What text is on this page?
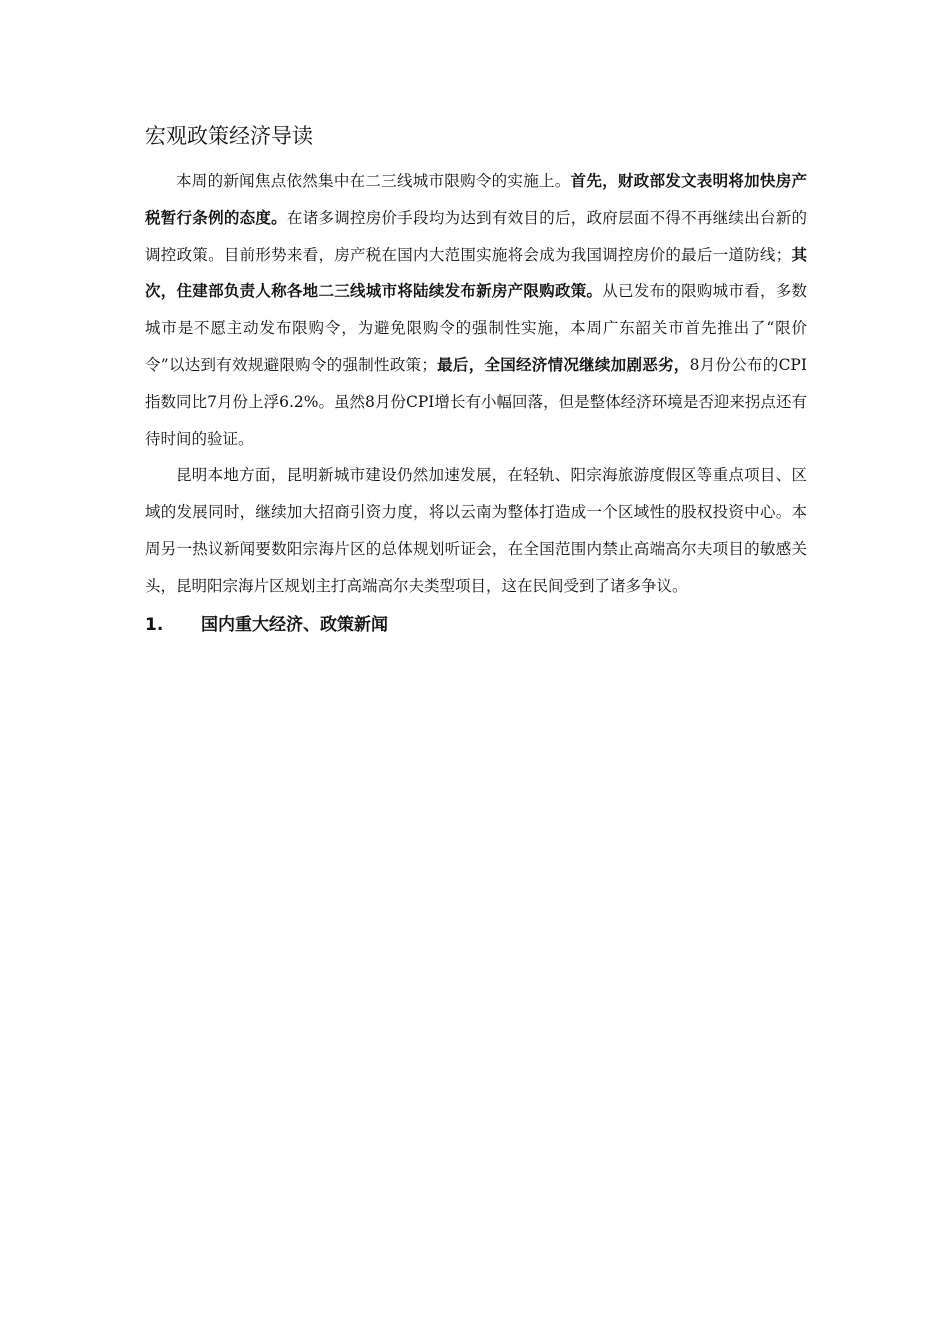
宏观政策经济导读

本周的新闻焦点依然集中在二三线城市限购令的实施上。首先，财政部发文表明将加快房产税暂行条例的态度。在诸多调控房价手段均为达到有效目的后，政府层面不得不再继续出台新的调控政策。目前形势来看，房产税在国内大范围实施将会成为我国调控房价的最后一道防线；其次，住建部负责人称各地二三线城市将陆续发布新房产限购政策。从已发布的限购城市看，多数城市是不愿主动发布限购令，为避免限购令的强制性实施，本周广东韶关市首先推出了“限价令”以达到有效规避限购令的强制性政策；最后，全国经济情况继续加剧恶劣，8月份公布的CPI指数同比7月份上浮6.2%。虽然8月份CPI增长有小幅回落，但是整体经济环境是否迎来拐点还有待时间的验证。

昆明本地方面，昆明新城市建设仍然加速发展，在轻轨、阳宗海旅游度假区等重点项目、区域的发展同时，继续加大招商引资力度，将以云南为整体打造成一个区域性的股权投资中心。本周另一热议新闻要数阳宗海片区的总体规划听证会，在全国范围内禁止高端高尔夫项目的敏感关头，昆明阳宗海片区规划主打高端高尔夫类型项目，这在民间受到了诸多争议。

1.	国内重大经济、政策新闻
